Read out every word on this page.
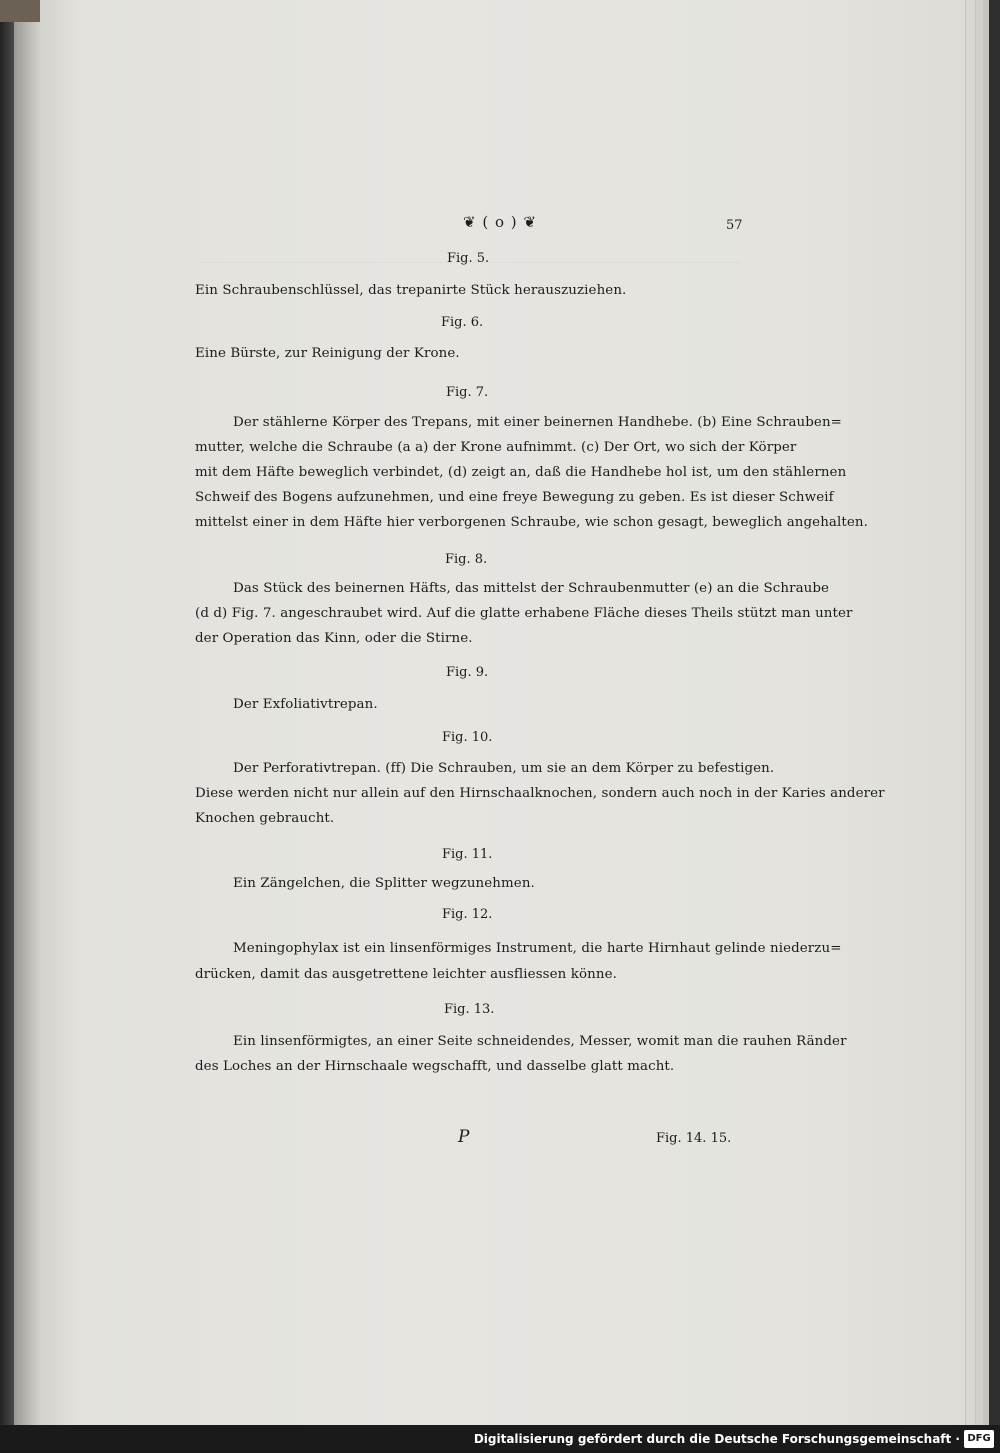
❦ ( o ) ❦	57
Fig. 5.
Ein Schraubenschlüssel, das trepanirte Stück herauszuziehen.
Fig. 6.
Eine Bürste, zur Reinigung der Krone.
Fig. 7.
Der stählerne Körper des Trepans, mit einer beinernen Handhebe. (b) Eine Schrauben=
mutter, welche die Schraube (a a) der Krone aufnimmt. (c) Der Ort, wo sich der Körper
mit dem Häfte beweglich verbindet, (d) zeigt an, daß die Handhebe hol ist, um den stählernen
Schweif des Bogens aufzunehmen, und eine freye Bewegung zu geben. Es ist dieser Schweif
mittelst einer in dem Häfte hier verborgenen Schraube, wie schon gesagt, beweglich angehalten.
Fig. 8.
Das Stück des beinernen Häfts, das mittelst der Schraubenmutter (e) an die Schraube
(d d) Fig. 7. angeschraubet wird. Auf die glatte erhabene Fläche dieses Theils stützt man unter
der Operation das Kinn, oder die Stirne.
Fig. 9.
Der Exfoliativtrepan.
Fig. 10.
Der Perforativtrepan. (ff) Die Schrauben, um sie an dem Körper zu befestigen.
Diese werden nicht nur allein auf den Hirnschaalknochen, sondern auch noch in der Karies anderer
Knochen gebraucht.
Fig. 11.
Ein Zängelchen, die Splitter wegzunehmen.
Fig. 12.
Meningophylax ist ein linsenförmiges Instrument, die harte Hirnhaut gelinde niederzu=
drücken, damit das ausgetrettene leichter ausfliessen könne.
Fig. 13.
Ein linsenförmigtes, an einer Seite schneidendes, Messer, womit man die rauhen Ränder
des Loches an der Hirnschaale wegschafft, und dasselbe glatt macht.
P	Fig. 14. 15.
Digitalisierung gefördert durch die Deutsche Forschungsgemeinschaft · DFG
